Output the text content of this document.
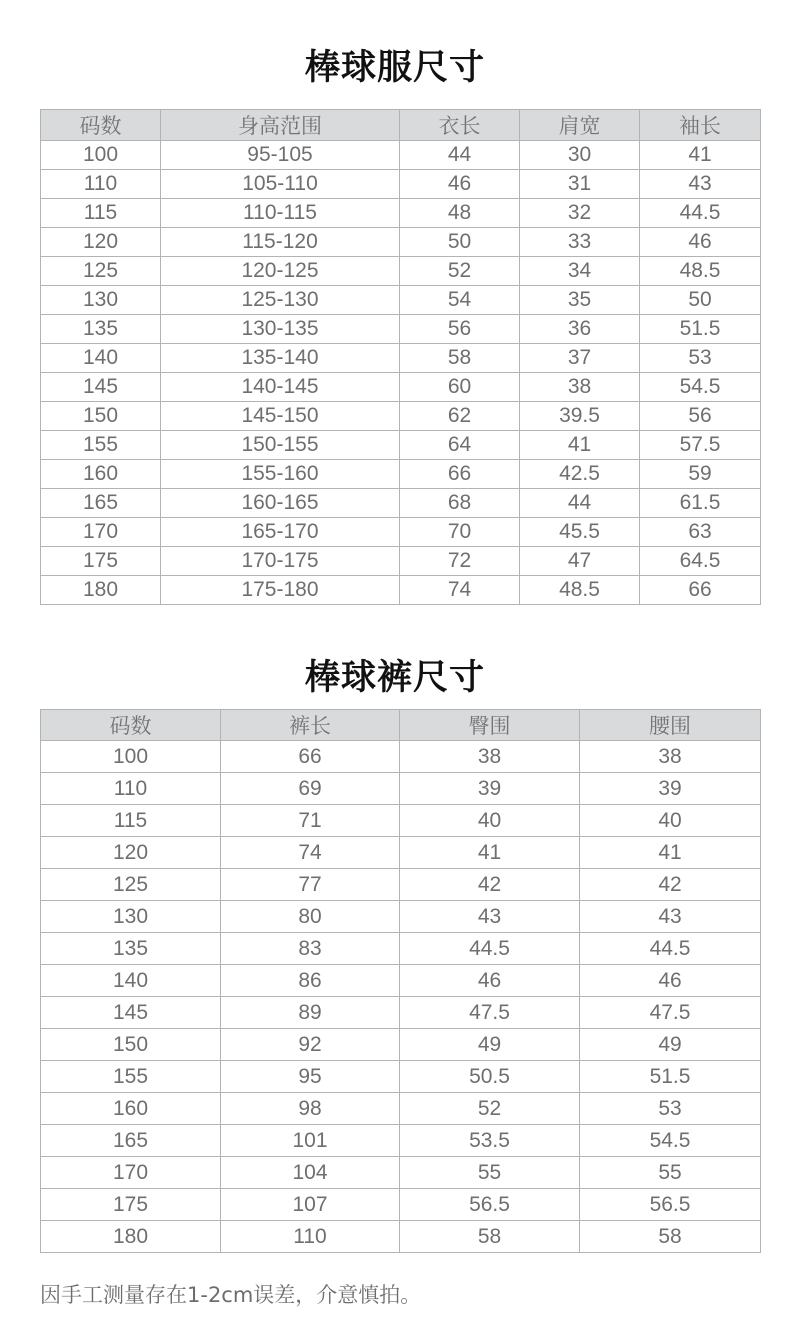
棒球服尺寸
码数	身高范围	衣长	肩宽	袖长
100	95-105	44	30	41
110	105-110	46	31	43
115	110-115	48	32	44.5
120	115-120	50	33	46
125	120-125	52	34	48.5
130	125-130	54	35	50
135	130-135	56	36	51.5
140	135-140	58	37	53
145	140-145	60	38	54.5
150	145-150	62	39.5	56
155	150-155	64	41	57.5
160	155-160	66	42.5	59
165	160-165	68	44	61.5
170	165-170	70	45.5	63
175	170-175	72	47	64.5
180	175-180	74	48.5	66
棒球裤尺寸
码数	裤长	臀围	腰围
100	66	38	38
110	69	39	39
115	71	40	40
120	74	41	41
125	77	42	42
130	80	43	43
135	83	44.5	44.5
140	86	46	46
145	89	47.5	47.5
150	92	49	49
155	95	50.5	51.5
160	98	52	53
165	101	53.5	54.5
170	104	55	55
175	107	56.5	56.5
180	110	58	58

因手工测量存在1-2cm误差，介意慎拍。
